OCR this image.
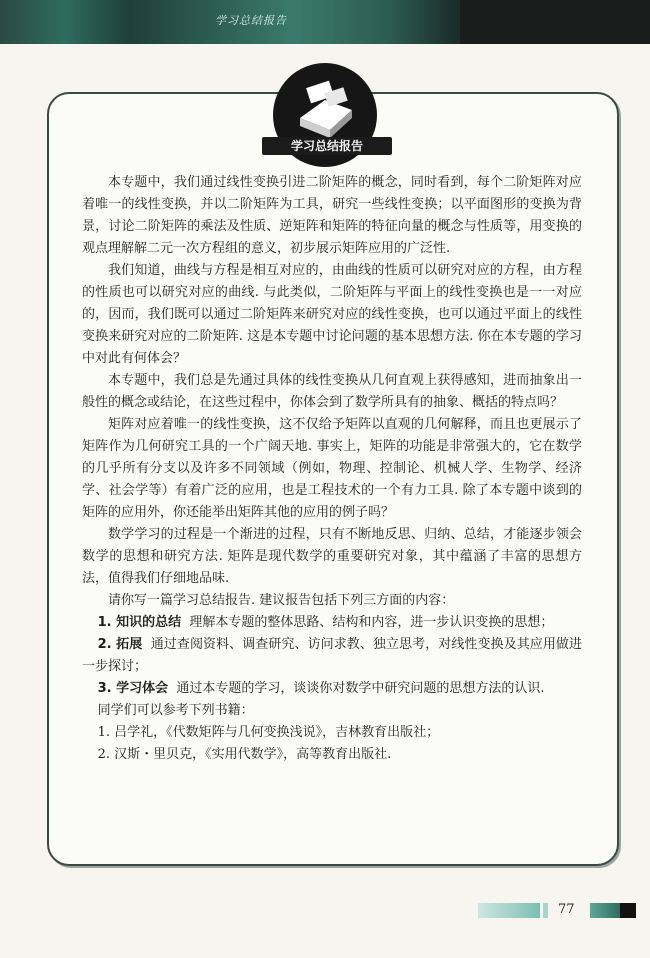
学习总结报告
学习总结报告

本专题中，我们通过线性变换引进二阶矩阵的概念，同时看到，每个二阶矩阵对应着唯一的线性变换，并以二阶矩阵为工具，研究一些线性变换；以平面图形的变换为背景，讨论二阶矩阵的乘法及性质、逆矩阵和矩阵的特征向量的概念与性质等，用变换的观点理解解二元一次方程组的意义，初步展示矩阵应用的广泛性.

我们知道，曲线与方程是相互对应的，由曲线的性质可以研究对应的方程，由方程的性质也可以研究对应的曲线. 与此类似，二阶矩阵与平面上的线性变换也是一一对应的，因而，我们既可以通过二阶矩阵来研究对应的线性变换，也可以通过平面上的线性变换来研究对应的二阶矩阵. 这是本专题中讨论问题的基本思想方法. 你在本专题的学习中对此有何体会？

本专题中，我们总是先通过具体的线性变换从几何直观上获得感知，进而抽象出一般性的概念或结论，在这些过程中，你体会到了数学所具有的抽象、概括的特点吗？

矩阵对应着唯一的线性变换，这不仅给予矩阵以直观的几何解释，而且也更展示了矩阵作为几何研究工具的一个广阔天地. 事实上，矩阵的功能是非常强大的，它在数学的几乎所有分支以及许多不同领域（例如，物理、控制论、机械人学、生物学、经济学、社会学等）有着广泛的应用，也是工程技术的一个有力工具. 除了本专题中谈到的矩阵的应用外，你还能举出矩阵其他的应用的例子吗？

数学学习的过程是一个渐进的过程，只有不断地反思、归纳、总结，才能逐步领会数学的思想和研究方法. 矩阵是现代数学的重要研究对象，其中蕴涵了丰富的思想方法，值得我们仔细地品味.

请你写一篇学习总结报告. 建议报告包括下列三方面的内容：

1. 知识的总结 理解本专题的整体思路、结构和内容，进一步认识变换的思想；

2. 拓展 通过查阅资料、调查研究、访问求教、独立思考，对线性变换及其应用做进一步探讨；

3. 学习体会 通过本专题的学习，谈谈你对数学中研究问题的思想方法的认识.

同学们可以参考下列书籍：

1. 吕学礼，《代数矩阵与几何变换浅说》，吉林教育出版社；

2. 汉斯・里贝克，《实用代数学》，高等教育出版社.

77
